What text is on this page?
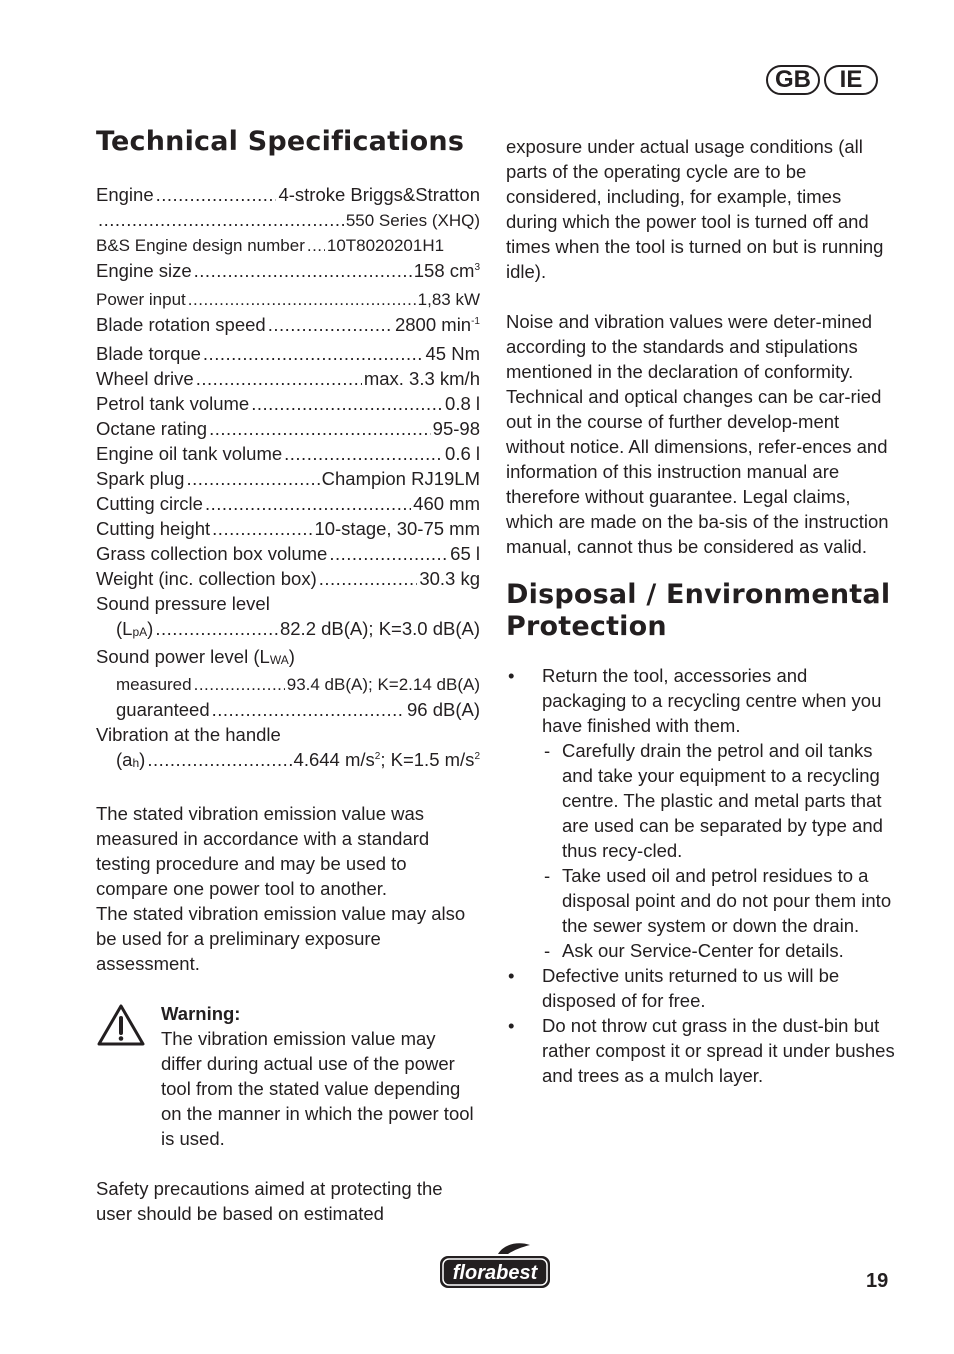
GB	IE
Technical Specifications
Engine .....	4-stroke Briggs&Stratton
.....
550 Series (XHQ)
B&S Engine design number ..... 10T8020201H1
Engine size .....	158 $cm^3$
Power input .....	1,83 kW
Blade rotation speed .....	2800 $\min^{-1}$
Blade torque .....	45 Nm
Wheel drive .....	max. 3.3 km/h
Petrol tank volume .....	0.8 l
Octane rating .....	95-98
Engine oil tank volume .....	0.6 l
Spark plug .....	Champion RJ19LM
Cutting circle .....	460 mm
Cutting height .....	10-stage, 30-75 mm
Grass collection box volume .....	65 l
Weight (inc. collection box) .....	30.3 kg
Sound pressure level
$(L_{pA})$ .....	82.2 dB(A); K=3.0 dB(A)
Sound power level $(L_{WA})$
measured .....	93.4 dB(A); K=2.14 dB(A)
guaranteed .....	96 dB(A)
Vibration at the handle
$(a_h)$ .....	4.644 $m/s^2$; K=1.5 $m/s^2$

The stated vibration emission value was measured in accordance with a standard testing procedure and may be used to compare one power tool to another.

The stated vibration emission value may also be used for a preliminary exposure assessment.

Warning:

The vibration emission value may differ during actual use of the power tool from the stated value depending on the manner in which the power tool is used.

Safety precautions aimed at protecting the user should be based on estimated

exposure under actual usage conditions (all parts of the operating cycle are to be considered, including, for example, times during which the power tool is turned off and times when the tool is turned on but is running idle).

Noise and vibration values were deter-mined according to the standards and stipulations mentioned in the declaration of conformity.

Technical and optical changes can be car-ried out in the course of further develop-ment without notice. All dimensions, refer-ences and information of this instruction manual are therefore without guarantee. Legal claims, which are made on the ba-sis of the instruction manual, cannot thus be considered as valid.

Disposal / Environmental Protection
• Return the tool, accessories and packaging to a recycling centre when you have finished with them.
- Carefully drain the petrol and oil tanks and take your equipment to a recycling centre. The plastic and metal parts that are used can be separated by type and thus recy-cled.
- Take used oil and petrol residues to a disposal point and do not pour them into the sewer system or down the drain.
- Ask our Service-Center for details.
• Defective units returned to us will be disposed of for free.
• Do not throw cut grass in the dust-bin but rather compost it or spread it under bushes and trees as a mulch layer.
florabest	19
